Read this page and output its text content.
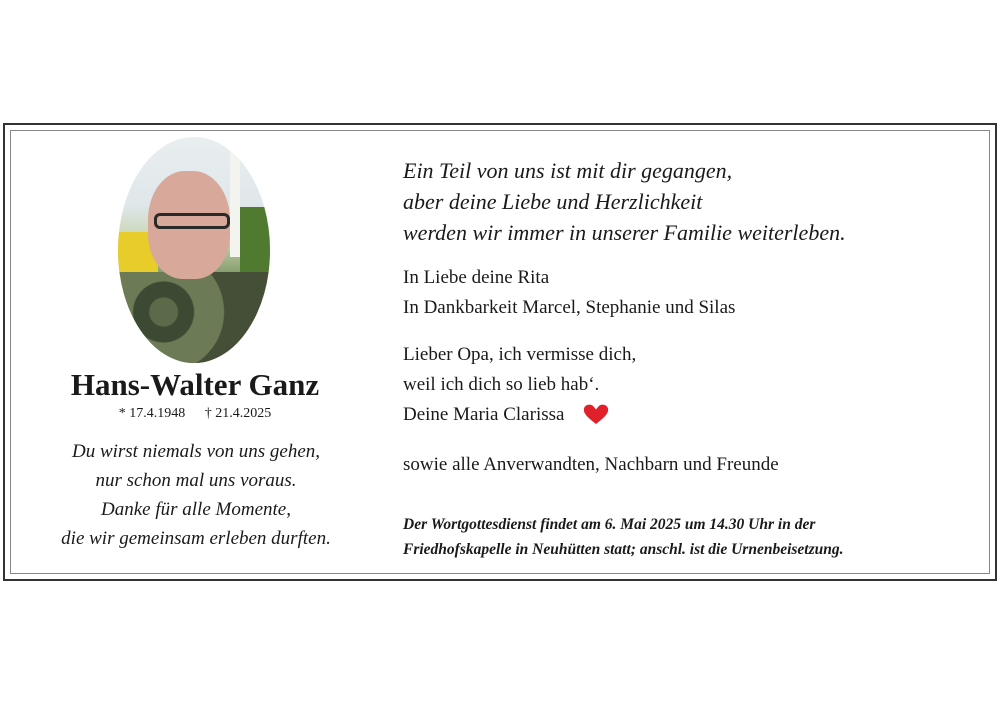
Hans-Walter Ganz
* 17.4.1948 † 21.4.2025
Du wirst niemals von uns gehen,
nur schon mal uns voraus.
Danke für alle Momente,
die wir gemeinsam erleben durften.
Ein Teil von uns ist mit dir gegangen,
aber deine Liebe und Herzlichkeit
werden wir immer in unserer Familie weiterleben.
In Liebe deine Rita
In Dankbarkeit Marcel, Stephanie und Silas
Lieber Opa, ich vermisse dich,
weil ich dich so lieb hab‘.
Deine Maria Clarissa
sowie alle Anverwandten, Nachbarn und Freunde
Der Wortgottesdienst findet am 6. Mai 2025 um 14.30 Uhr in der
Friedhofskapelle in Neuhütten statt; anschl. ist die Urnenbeisetzung.
